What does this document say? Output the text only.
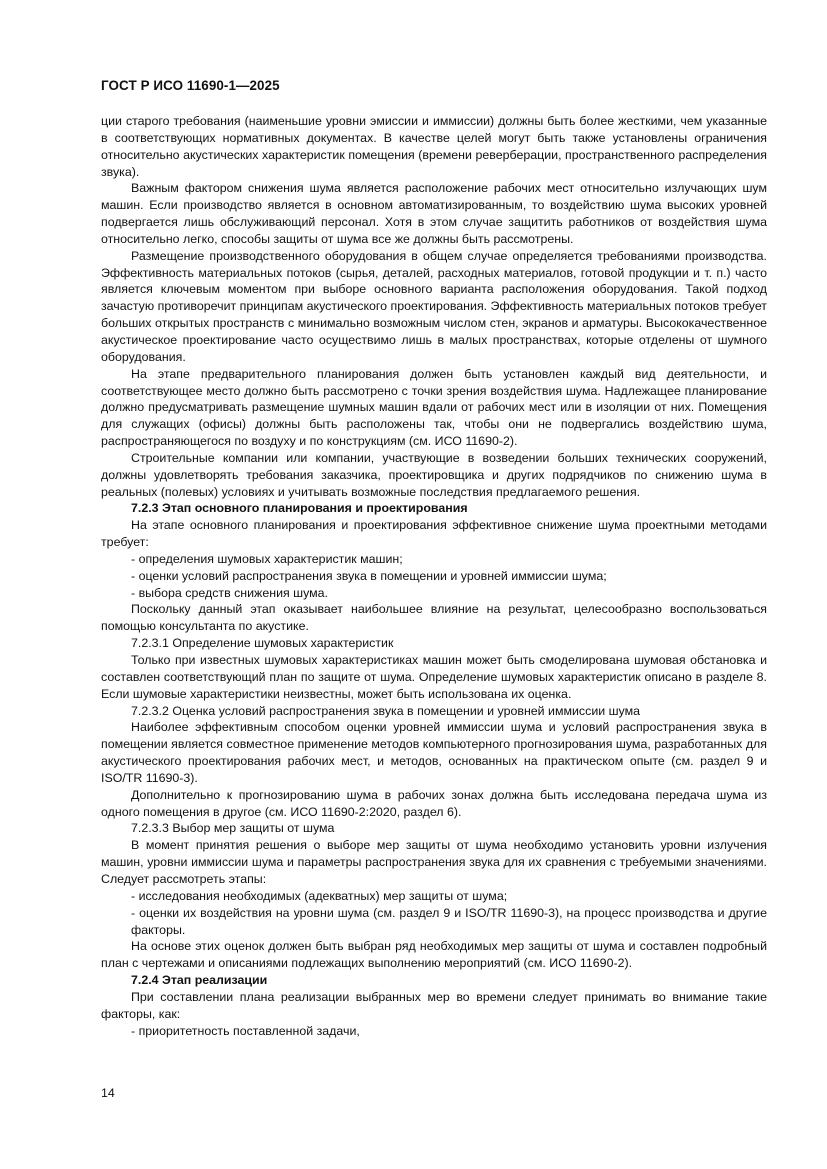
ГОСТ Р ИСО 11690-1—2025

ции старого требования (наименьшие уровни эмиссии и иммиссии) должны быть более жесткими, чем указанные в соответствующих нормативных документах. В качестве целей могут быть также установлены ограничения относительно акустических характеристик помещения (времени реверберации, пространственного распределения звука).

Важным фактором снижения шума является расположение рабочих мест относительно излучающих шум машин. Если производство является в основном автоматизированным, то воздействию шума высоких уровней подвергается лишь обслуживающий персонал. Хотя в этом случае защитить работников от воздействия шума относительно легко, способы защиты от шума все же должны быть рассмотрены.

Размещение производственного оборудования в общем случае определяется требованиями производства. Эффективность материальных потоков (сырья, деталей, расходных материалов, готовой продукции и т. п.) часто является ключевым моментом при выборе основного варианта расположения оборудования. Такой подход зачастую противоречит принципам акустического проектирования. Эффективность материальных потоков требует больших открытых пространств с минимально возможным числом стен, экранов и арматуры. Высококачественное акустическое проектирование часто осуществимо лишь в малых пространствах, которые отделены от шумного оборудования.

На этапе предварительного планирования должен быть установлен каждый вид деятельности, и соответствующее место должно быть рассмотрено с точки зрения воздействия шума. Надлежащее планирование должно предусматривать размещение шумных машин вдали от рабочих мест или в изоляции от них. Помещения для служащих (офисы) должны быть расположены так, чтобы они не подвергались воздействию шума, распространяющегося по воздуху и по конструкциям (см. ИСО 11690-2).

Строительные компании или компании, участвующие в возведении больших технических сооружений, должны удовлетворять требования заказчика, проектировщика и других подрядчиков по снижению шума в реальных (полевых) условиях и учитывать возможные последствия предлагаемого решения.

7.2.3 Этап основного планирования и проектирования

На этапе основного планирования и проектирования эффективное снижение шума проектными методами требует:

- определения шумовых характеристик машин;

- оценки условий распространения звука в помещении и уровней иммиссии шума;

- выбора средств снижения шума.

Поскольку данный этап оказывает наибольшее влияние на результат, целесообразно воспользоваться помощью консультанта по акустике.

7.2.3.1 Определение шумовых характеристик

Только при известных шумовых характеристиках машин может быть смоделирована шумовая обстановка и составлен соответствующий план по защите от шума. Определение шумовых характеристик описано в разделе 8. Если шумовые характеристики неизвестны, может быть использована их оценка.

7.2.3.2 Оценка условий распространения звука в помещении и уровней иммиссии шума

Наиболее эффективным способом оценки уровней иммиссии шума и условий распространения звука в помещении является совместное применение методов компьютерного прогнозирования шума, разработанных для акустического проектирования рабочих мест, и методов, основанных на практическом опыте (см. раздел 9 и ISO/TR 11690-3).

Дополнительно к прогнозированию шума в рабочих зонах должна быть исследована передача шума из одного помещения в другое (см. ИСО 11690-2:2020, раздел 6).

7.2.3.3 Выбор мер защиты от шума

В момент принятия решения о выборе мер защиты от шума необходимо установить уровни излучения машин, уровни иммиссии шума и параметры распространения звука для их сравнения с требуемыми значениями. Следует рассмотреть этапы:

- исследования необходимых (адекватных) мер защиты от шума;

- оценки их воздействия на уровни шума (см. раздел 9 и ISO/TR 11690-3), на процесс производства и другие факторы.

На основе этих оценок должен быть выбран ряд необходимых мер защиты от шума и составлен подробный план с чертежами и описаниями подлежащих выполнению мероприятий (см. ИСО 11690-2).

7.2.4 Этап реализации

При составлении плана реализации выбранных мер во времени следует принимать во внимание такие факторы, как:

- приоритетность поставленной задачи,

14
